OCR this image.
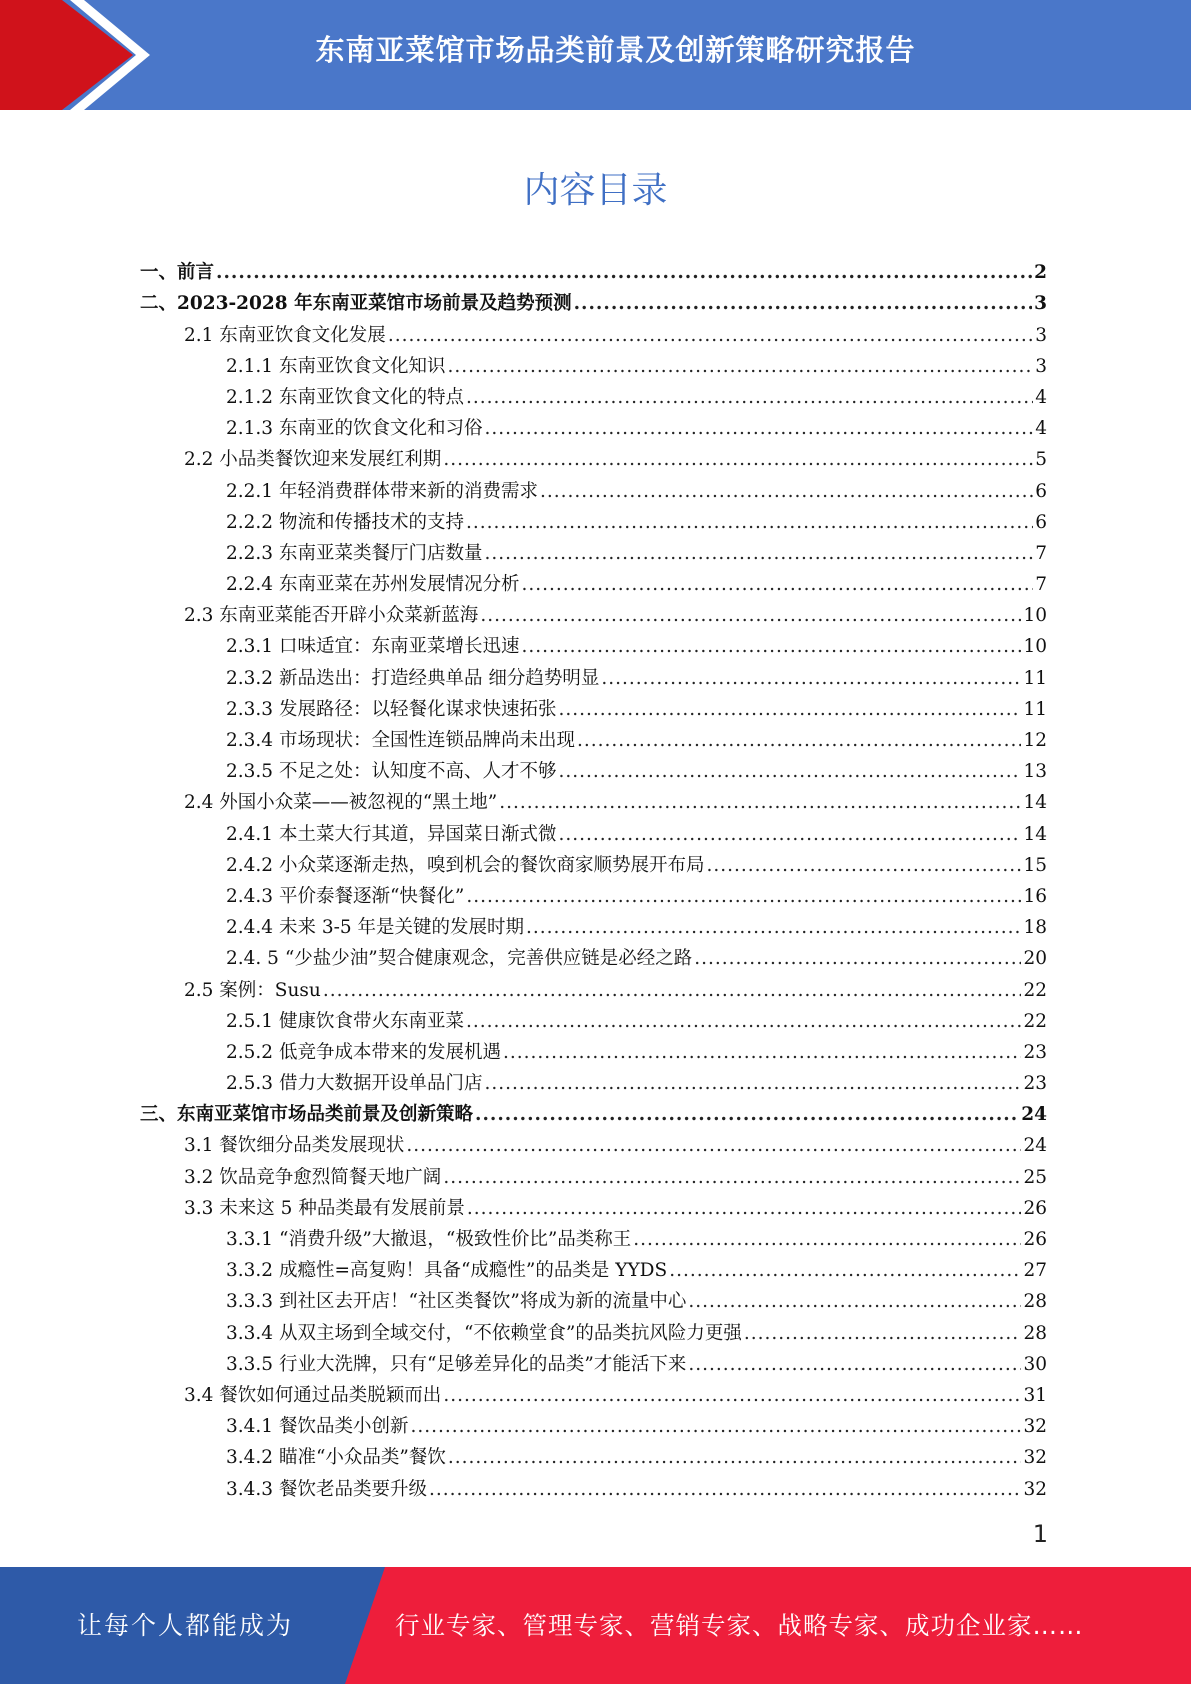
东南亚菜馆市场品类前景及创新策略研究报告
内容目录
一、前言 .....	2
二、2023-2028 年东南亚菜馆市场前景及趋势预测 .....	3
2.1 东南亚饮食文化发展 .....	3
2.1.1 东南亚饮食文化知识 .....	3
2.1.2 东南亚饮食文化的特点 .....	4
2.1.3 东南亚的饮食文化和习俗 .....	4
2.2 小品类餐饮迎来发展红利期 .....	5
2.2.1 年轻消费群体带来新的消费需求 .....	6
2.2.2 物流和传播技术的支持 .....	6
2.2.3 东南亚菜类餐厅门店数量 .....	7
2.2.4 东南亚菜在苏州发展情况分析 .....	7
2.3 东南亚菜能否开辟小众菜新蓝海 .....	10
2.3.1 口味适宜：东南亚菜增长迅速 .....	10
2.3.2 新品迭出：打造经典单品 细分趋势明显 .....	11
2.3.3 发展路径：以轻餐化谋求快速拓张 .....	11
2.3.4 市场现状：全国性连锁品牌尚未出现 .....	12
2.3.5 不足之处：认知度不高、人才不够 .....	13
2.4 外国小众菜——被忽视的“黑土地” .....	14
2.4.1 本土菜大行其道，异国菜日渐式微 .....	14
2.4.2 小众菜逐渐走热，嗅到机会的餐饮商家顺势展开布局 .....	15
2.4.3 平价泰餐逐渐“快餐化” .....	16
2.4.4 未来 3-5 年是关键的发展时期 .....	18
2.4. 5 “少盐少油”契合健康观念，完善供应链是必经之路 .....	20
2.5 案例：Susu .....	22
2.5.1 健康饮食带火东南亚菜 .....	22
2.5.2 低竞争成本带来的发展机遇 .....	23
2.5.3 借力大数据开设单品门店 .....	23
三、东南亚菜馆市场品类前景及创新策略 .....	24
3.1 餐饮细分品类发展现状 .....	24
3.2 饮品竞争愈烈简餐天地广阔 .....	25
3.3 未来这 5 种品类最有发展前景 .....	26
3.3.1 “消费升级”大撤退，“极致性价比”品类称王 .....	26
3.3.2 成瘾性=高复购！具备“成瘾性”的品类是 YYDS .....	27
3.3.3 到社区去开店！“社区类餐饮”将成为新的流量中心 .....	28
3.3.4 从双主场到全域交付，“不依赖堂食”的品类抗风险力更强 .....	28
3.3.5 行业大洗牌，只有“足够差异化的品类”才能活下来 .....	30
3.4 餐饮如何通过品类脱颖而出 .....	31
3.4.1 餐饮品类小创新 .....	32
3.4.2 瞄准“小众品类”餐饮 .....	32
3.4.3 餐饮老品类要升级 .....	32
1
让每个人都能成为	行业专家、管理专家、营销专家、战略专家、成功企业家……
